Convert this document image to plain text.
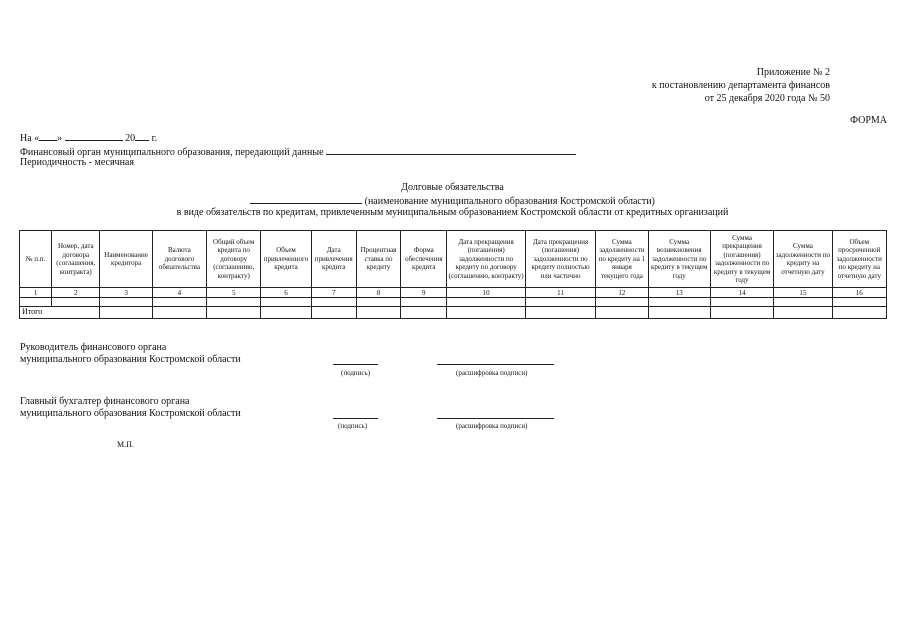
Приложение № 2
к постановлению департамента финансов
от 25 декабря 2020 года № 50
ФОРМА
На « »	20 г.
Финансовый орган муниципального образования, передающий данные
Периодичность - месячная
Долговые обязательства
(наименование муниципального образования Костромской области)
в виде обязательств по кредитам, привлеченным муниципальным образованием Костромской области от кредитных организаций
№ п.п.	Номер, дата договора (соглашения, контракта)	Наименование кредитора	Валюта долгового обязательства	Общий объем кредита по договору (соглашению, контракту)	Объем привлеченного кредита	Дата привлечения кредита	Процентная ставка по кредиту	Форма обеспечения кредита	Дата прекращения (погашения) задолженности по кредиту по договору (соглашению, контракту)	Дата прекращения (погашения) задолженности по кредиту полностью или частично	Сумма задолженности по кредиту на 1 января текущего года	Сумма возникновения задолженности по кредиту в текущем году	Сумма прекращения (погашения) задолженности по кредиту в текущем году	Сумма задолженности по кредиту на отчетную дату	Объем просроченной задолженности по кредиту на отчетную дату
1	2	3	4	5	6	7	8	9	10	11	12	13	14	15	16

Итого															
Руководитель финансового органа
муниципального образования Костромской области
(подпись)	(расшифровка подписи)
Главный бухгалтер финансового органа
муниципального образования Костромской области
(подпись)	(расшифровка подписи)
М.П.
